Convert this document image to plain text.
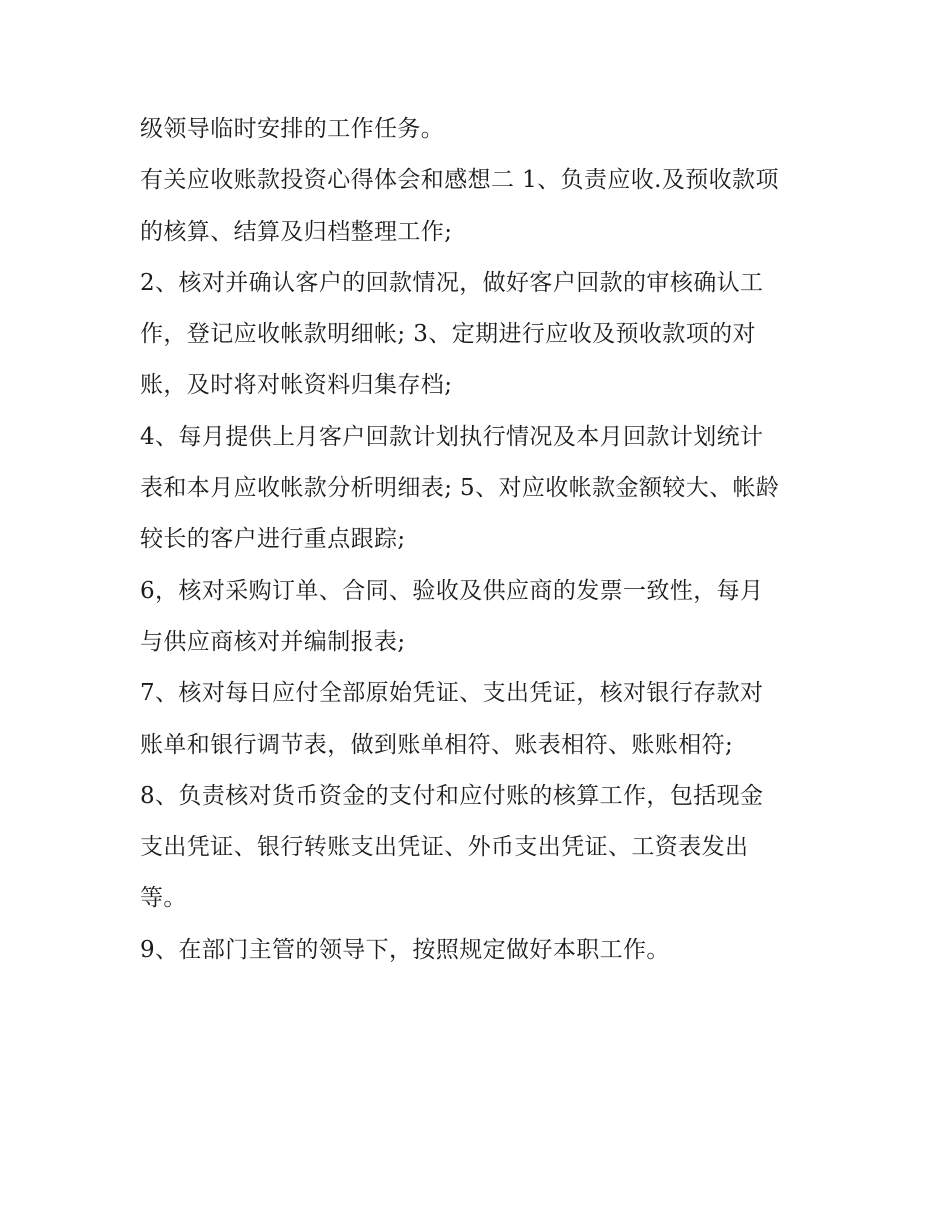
级领导临时安排的工作任务。

有关应收账款投资心得体会和感想二 1、负责应收.及预收款项

的核算、结算及归档整理工作;

2、核对并确认客户的回款情况，做好客户回款的审核确认工

作，登记应收帐款明细帐; 3、定期进行应收及预收款项的对

账，及时将对帐资料归集存档;

4、每月提供上月客户回款计划执行情况及本月回款计划统计

表和本月应收帐款分析明细表; 5、对应收帐款金额较大、帐龄

较长的客户进行重点跟踪;

6，核对采购订单、合同、验收及供应商的发票一致性，每月

与供应商核对并编制报表;

7、核对每日应付全部原始凭证、支出凭证，核对银行存款对

账单和银行调节表，做到账单相符、账表相符、账账相符;

8、负责核对货币资金的支付和应付账的核算工作，包括现金

支出凭证、银行转账支出凭证、外币支出凭证、工资表发出

等。

9、在部门主管的领导下，按照规定做好本职工作。
